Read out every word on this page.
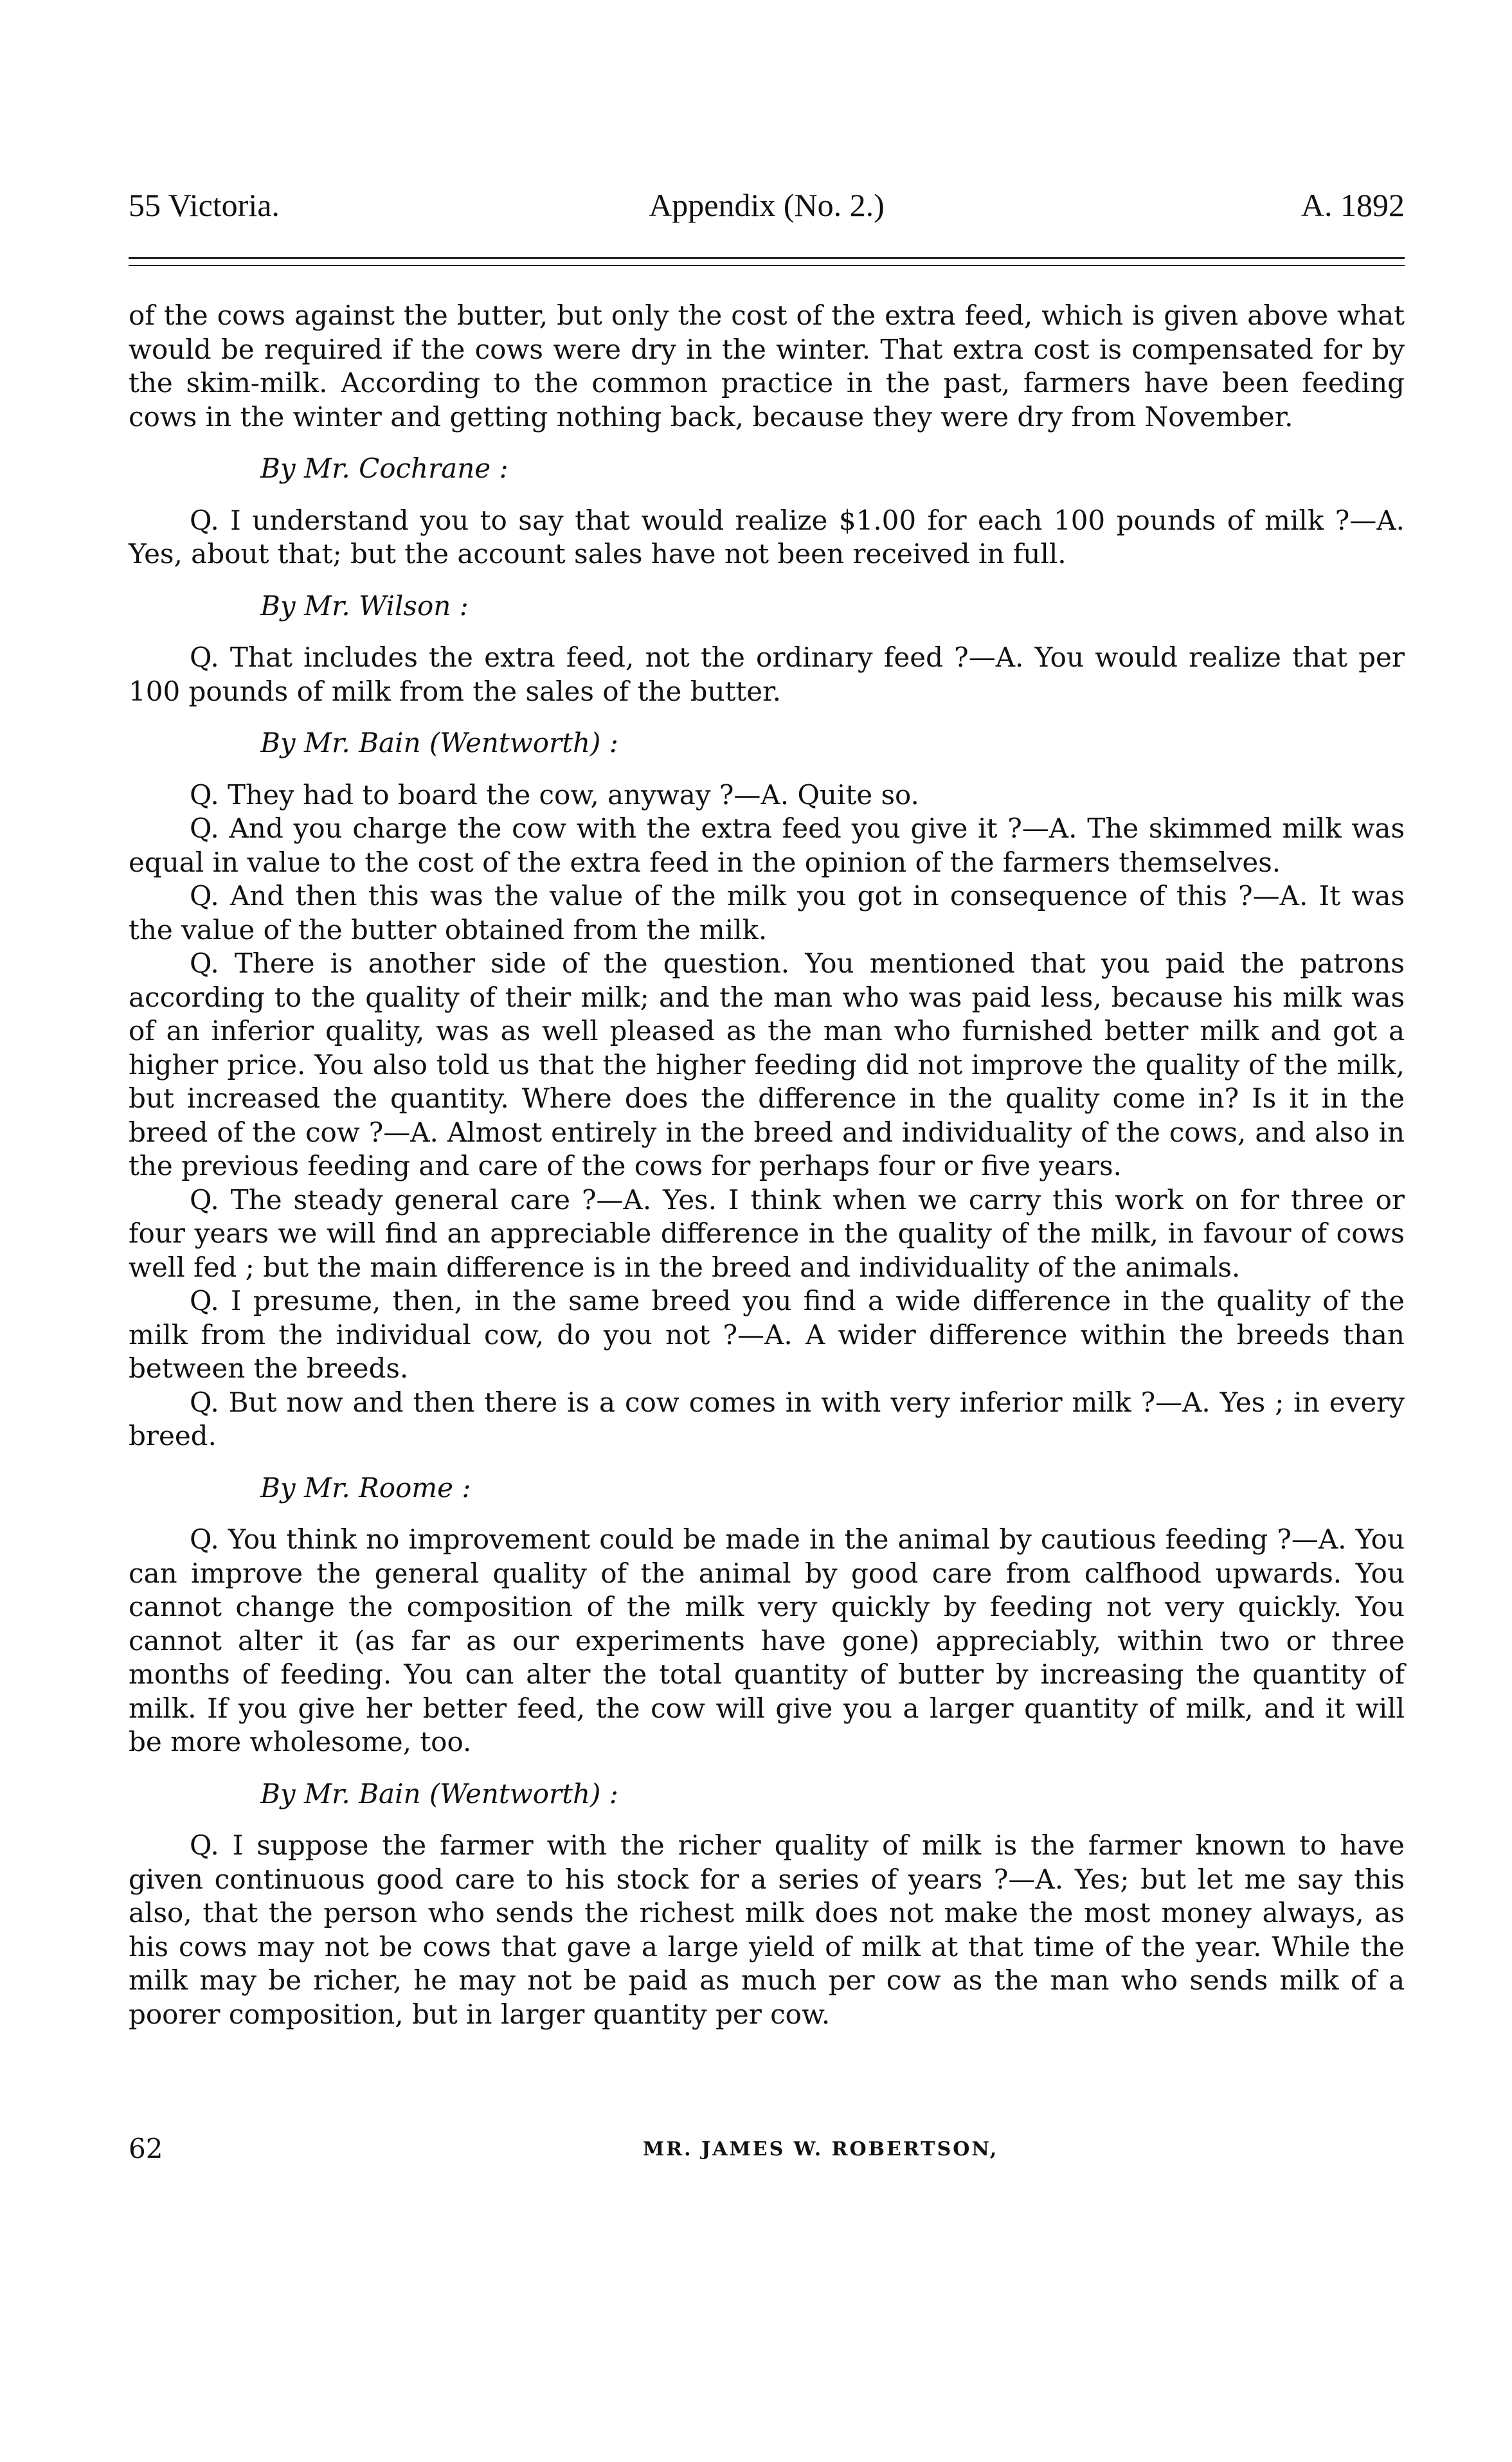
55 Victoria.	Appendix (No. 2.)	A. 1892

of the cows against the butter, but only the cost of the extra feed, which is given above what would be required if the cows were dry in the winter. That extra cost is compensated for by the skim-milk. According to the common practice in the past, farmers have been feeding cows in the winter and getting nothing back, because they were dry from November.

By Mr. Cochrane :

Q. I understand you to say that would realize $1.00 for each 100 pounds of milk ?—A. Yes, about that; but the account sales have not been received in full.

By Mr. Wilson :

Q. That includes the extra feed, not the ordinary feed ?—A. You would realize that per 100 pounds of milk from the sales of the butter.

By Mr. Bain (Wentworth) :

Q. They had to board the cow, anyway ?—A. Quite so.

Q. And you charge the cow with the extra feed you give it ?—A. The skimmed milk was equal in value to the cost of the extra feed in the opinion of the farmers themselves.

Q. And then this was the value of the milk you got in consequence of this ?—A. It was the value of the butter obtained from the milk.

Q. There is another side of the question. You mentioned that you paid the patrons according to the quality of their milk; and the man who was paid less, because his milk was of an inferior quality, was as well pleased as the man who furnished better milk and got a higher price. You also told us that the higher feeding did not improve the quality of the milk, but increased the quantity. Where does the difference in the quality come in? Is it in the breed of the cow ?—A. Almost entirely in the breed and individuality of the cows, and also in the previous feeding and care of the cows for perhaps four or five years.

Q. The steady general care ?—A. Yes. I think when we carry this work on for three or four years we will find an appreciable difference in the quality of the milk, in favour of cows well fed ; but the main difference is in the breed and individuality of the animals.

Q. I presume, then, in the same breed you find a wide difference in the quality of the milk from the individual cow, do you not ?—A. A wider difference within the breeds than between the breeds.

Q. But now and then there is a cow comes in with very inferior milk ?—A. Yes ; in every breed.

By Mr. Roome :

Q. You think no improvement could be made in the animal by cautious feeding ?—A. You can improve the general quality of the animal by good care from calfhood upwards. You cannot change the composition of the milk very quickly by feeding not very quickly. You cannot alter it (as far as our experiments have gone) appreciably, within two or three months of feeding. You can alter the total quantity of butter by increasing the quantity of milk. If you give her better feed, the cow will give you a larger quantity of milk, and it will be more wholesome, too.

By Mr. Bain (Wentworth) :

Q. I suppose the farmer with the richer quality of milk is the farmer known to have given continuous good care to his stock for a series of years ?—A. Yes; but let me say this also, that the person who sends the richest milk does not make the most money always, as his cows may not be cows that gave a large yield of milk at that time of the year. While the milk may be richer, he may not be paid as much per cow as the man who sends milk of a poorer composition, but in larger quantity per cow.

62	MR. JAMES W. ROBERTSON,
